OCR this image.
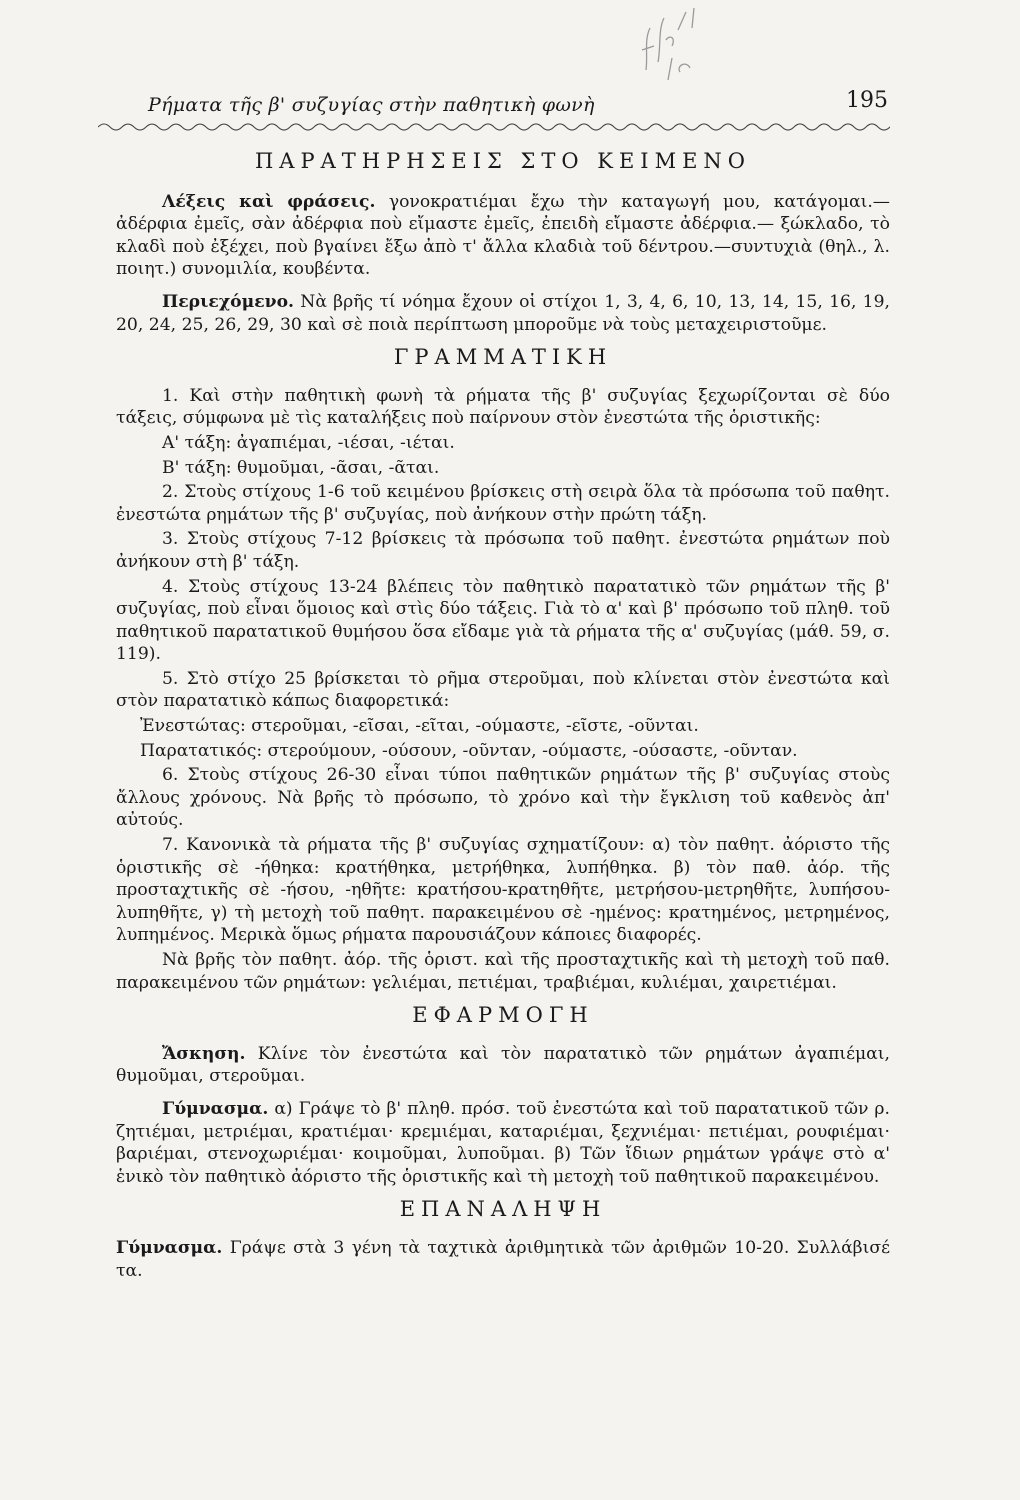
Ρήματα τῆς β' συζυγίας στὴν παθητικὴ φωνὴ	195
ΠΑΡΑΤΗΡΗΣΕΙΣ ΣΤΟ ΚΕΙΜΕΝΟ

Λέξεις καὶ φράσεις. γονοκρατιέμαι ἔχω τὴν καταγωγή μου, κατάγομαι.— ἀδέρφια ἐμεῖς, σὰν ἀδέρφια ποὺ εἴμαστε ἐμεῖς, ἐπειδὴ εἴμαστε ἀδέρφια.— ξώκλαδο, τὸ κλαδὶ ποὺ ἐξέχει, ποὺ βγαίνει ἔξω ἀπὸ τ' ἄλλα κλαδιὰ τοῦ δέντρου.—συντυχιὰ (θηλ., λ. ποιητ.) συνομιλία, κουβέντα.

Περιεχόμενο. Νὰ βρῆς τί νόημα ἔχουν οἱ στίχοι 1, 3, 4, 6, 10, 13, 14, 15, 16, 19, 20, 24, 25, 26, 29, 30 καὶ σὲ ποιὰ περίπτωση μποροῦμε νὰ τοὺς μεταχειριστοῦμε.

ΓΡΑΜΜΑΤΙΚΗ

1. Καὶ στὴν παθητικὴ φωνὴ τὰ ρήματα τῆς β' συζυγίας ξεχωρίζονται σὲ δύο τάξεις, σύμφωνα μὲ τὶς καταλήξεις ποὺ παίρνουν στὸν ἐνεστώτα τῆς ὁριστικῆς:

Α' τάξη: ἀγαπιέμαι, -ιέσαι, -ιέται.

Β' τάξη: θυμοῦμαι, -ᾶσαι, -ᾶται.

2. Στοὺς στίχους 1-6 τοῦ κειμένου βρίσκεις στὴ σειρὰ ὅλα τὰ πρόσωπα τοῦ παθητ. ἐνεστώτα ρημάτων τῆς β' συζυγίας, ποὺ ἀνήκουν στὴν πρώτη τάξη.

3. Στοὺς στίχους 7-12 βρίσκεις τὰ πρόσωπα τοῦ παθητ. ἐνεστώτα ρημάτων ποὺ ἀνήκουν στὴ β' τάξη.

4. Στοὺς στίχους 13-24 βλέπεις τὸν παθητικὸ παρατατικὸ τῶν ρημάτων τῆς β' συζυγίας, ποὺ εἶναι ὅμοιος καὶ στὶς δύο τάξεις. Γιὰ τὸ α' καὶ β' πρόσωπο τοῦ πληθ. τοῦ παθητικοῦ παρατατικοῦ θυμήσου ὅσα εἴδαμε γιὰ τὰ ρήματα τῆς α' συζυγίας (μάθ. 59, σ. 119).

5. Στὸ στίχο 25 βρίσκεται τὸ ρῆμα στεροῦμαι, ποὺ κλίνεται στὸν ἐνεστώτα καὶ στὸν παρατατικὸ κάπως διαφορετικά:

Ἐνεστώτας: στεροῦμαι, -εῖσαι, -εῖται, -ούμαστε, -εῖστε, -οῦνται.

Παρατατικός: στερούμουν, -ούσουν, -οῦνταν, -ούμαστε, -ούσαστε, -οῦνταν.

6. Στοὺς στίχους 26-30 εἶναι τύποι παθητικῶν ρημάτων τῆς β' συζυγίας στοὺς ἄλλους χρόνους. Νὰ βρῆς τὸ πρόσωπο, τὸ χρόνο καὶ τὴν ἔγκλιση τοῦ καθενὸς ἀπ' αὐτούς.

7. Κανονικὰ τὰ ρήματα τῆς β' συζυγίας σχηματίζουν: α) τὸν παθητ. ἀόριστο τῆς ὁριστικῆς σὲ -ήθηκα: κρατήθηκα, μετρήθηκα, λυπήθηκα. β) τὸν παθ. ἀόρ. τῆς προσταχτικῆς σὲ -ήσου, -ηθῆτε: κρατήσου-κρατηθῆτε, μετρήσου-μετρηθῆτε, λυπήσου-λυπηθῆτε, γ) τὴ μετοχὴ τοῦ παθητ. παρακειμένου σὲ -ημένος: κρατημένος, μετρημένος, λυπημένος. Μερικὰ ὅμως ρήματα παρουσιάζουν κάποιες διαφορές.

Νὰ βρῆς τὸν παθητ. ἀόρ. τῆς ὁριστ. καὶ τῆς προσταχτικῆς καὶ τὴ μετοχὴ τοῦ παθ. παρακειμένου τῶν ρημάτων: γελιέμαι, πετιέμαι, τραβιέμαι, κυλιέμαι, χαιρετιέμαι.

ΕΦΑΡΜΟΓΗ

Ἄσκηση. Κλίνε τὸν ἐνεστώτα καὶ τὸν παρατατικὸ τῶν ρημάτων ἀγαπιέμαι, θυμοῦμαι, στεροῦμαι.

Γύμνασμα. α) Γράψε τὸ β' πληθ. πρόσ. τοῦ ἐνεστώτα καὶ τοῦ παρατατικοῦ τῶν ρ. ζητιέμαι, μετριέμαι, κρατιέμαι· κρεμιέμαι, καταριέμαι, ξεχνιέμαι· πετιέμαι, ρουφιέμαι· βαριέμαι, στενοχωριέμαι· κοιμοῦμαι, λυποῦμαι. β) Τῶν ἴδιων ρημάτων γράψε στὸ α' ἑνικὸ τὸν παθητικὸ ἀόριστο τῆς ὁριστικῆς καὶ τὴ μετοχὴ τοῦ παθητικοῦ παρακειμένου.

ΕΠΑΝΑΛΗΨΗ

Γύμνασμα. Γράψε στὰ 3 γένη τὰ ταχτικὰ ἀριθμητικὰ τῶν ἀριθμῶν 10-20. Συλλάβισέ τα.
